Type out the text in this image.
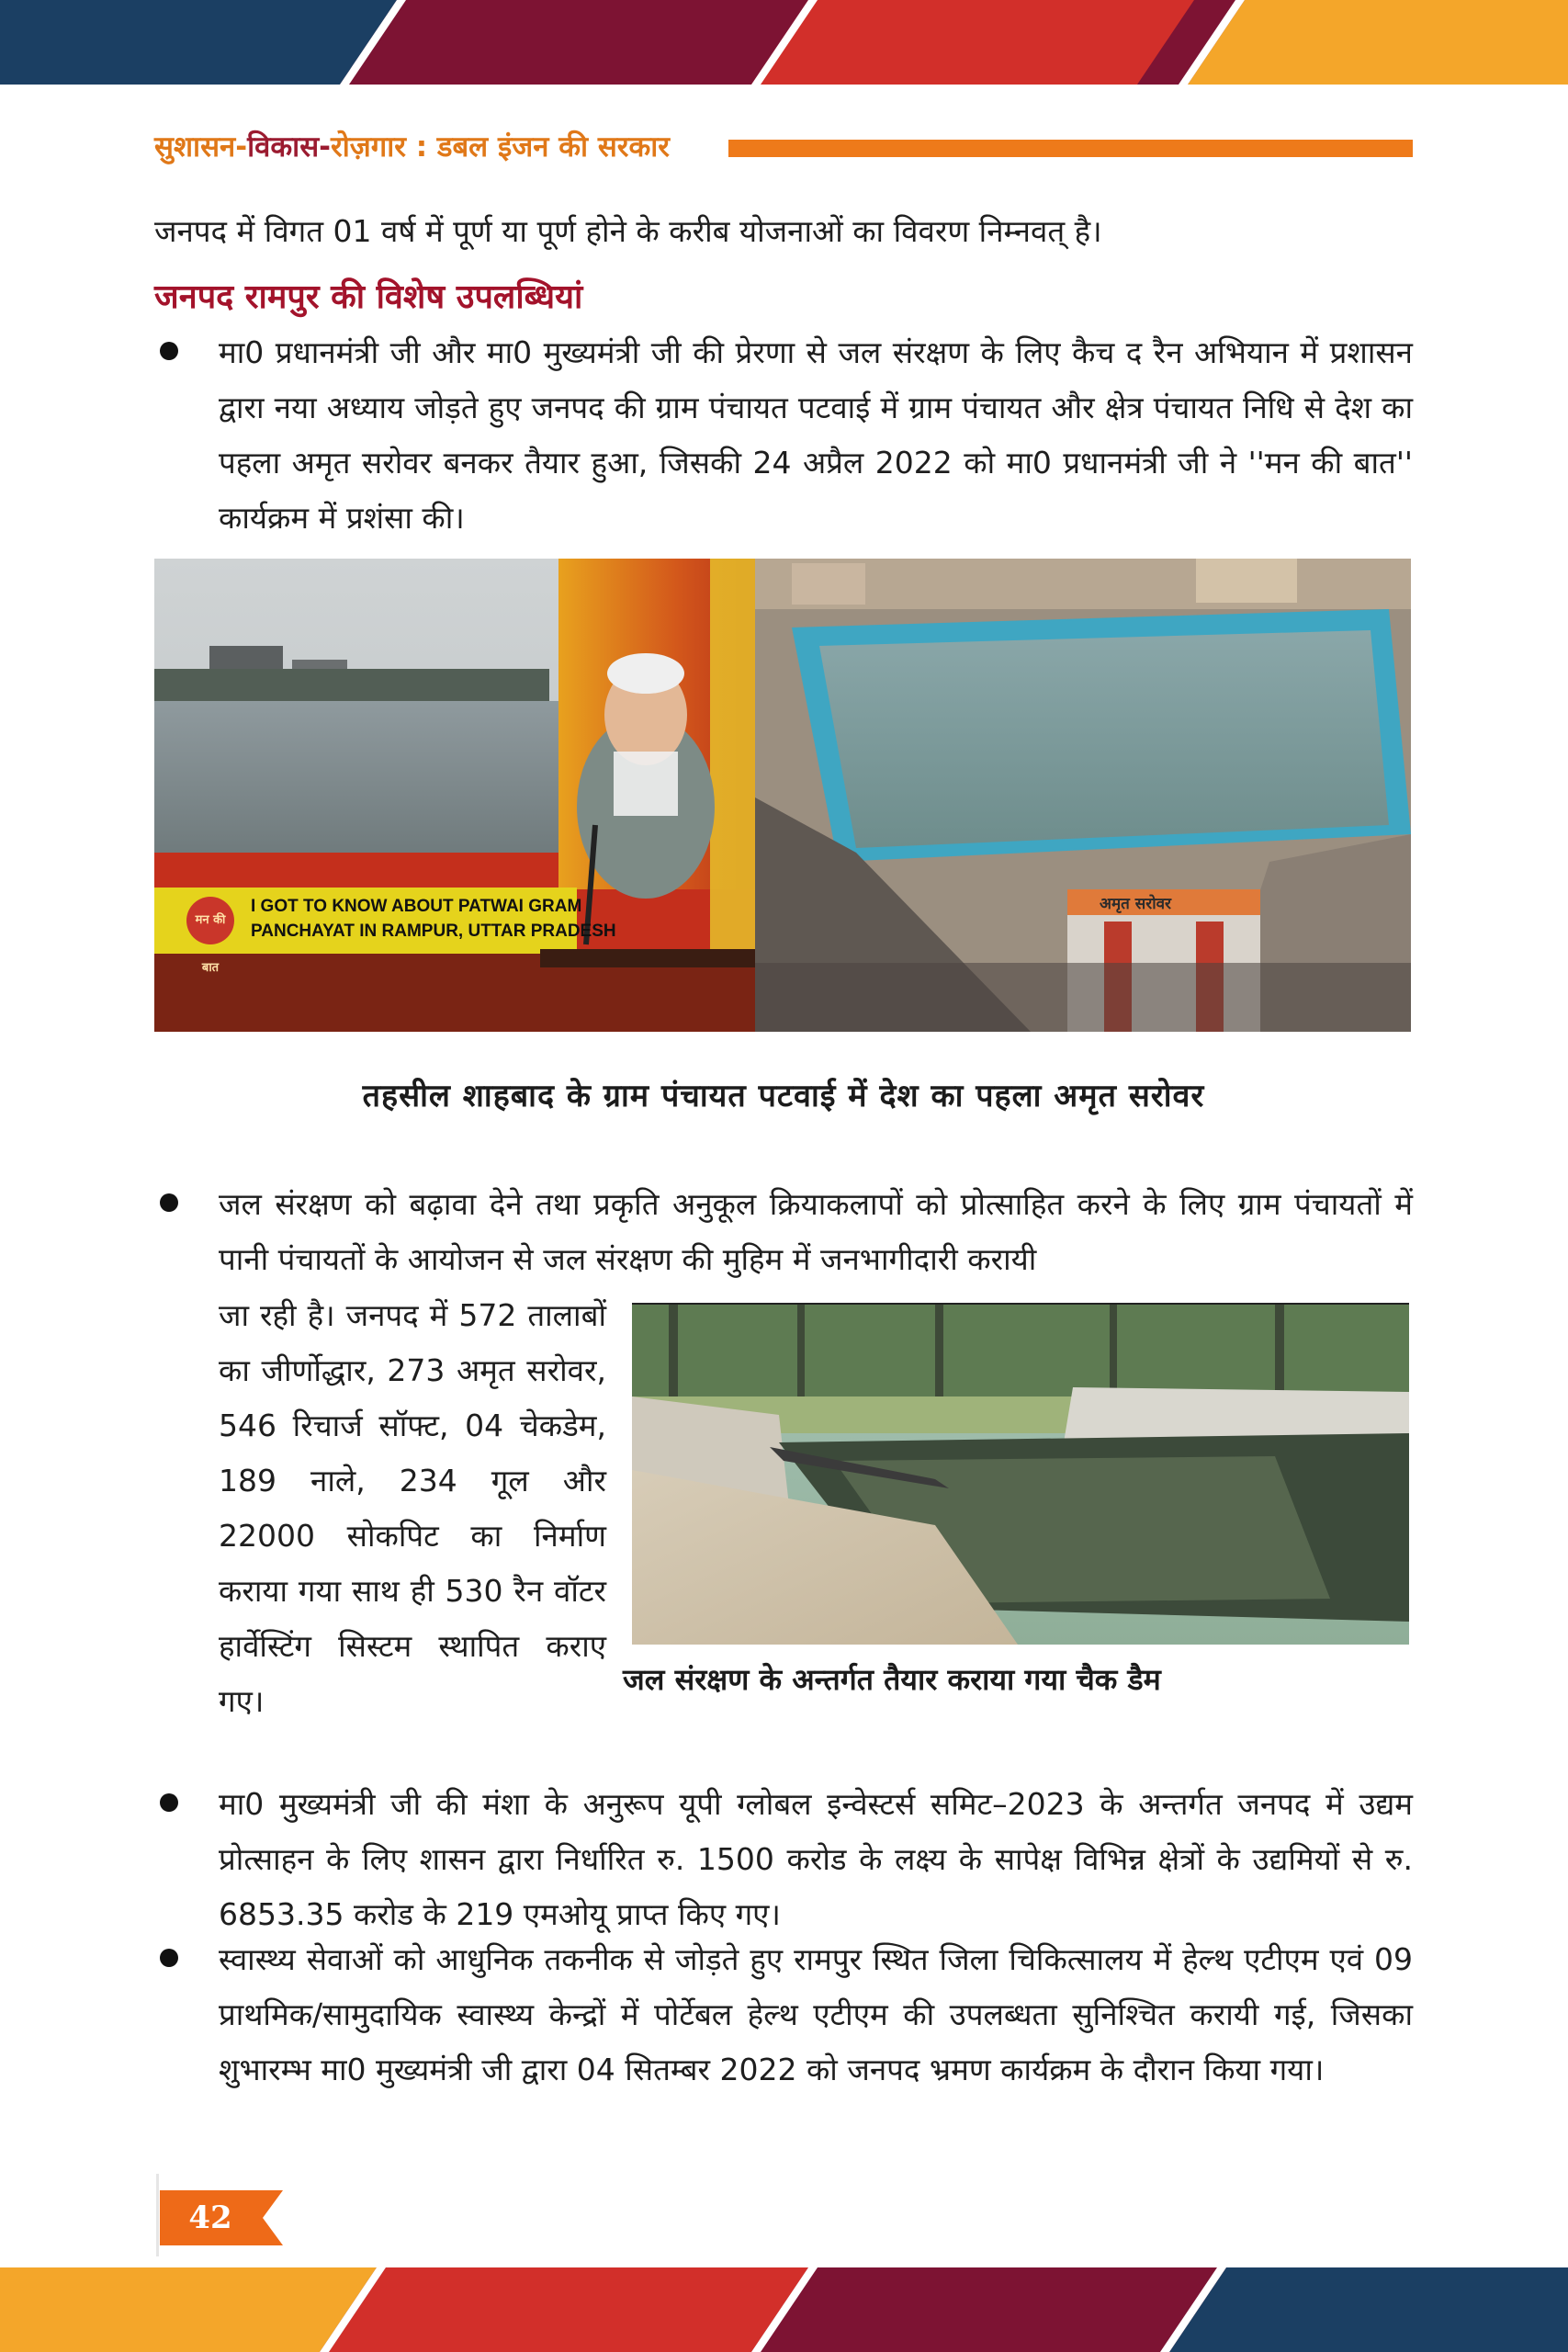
सुशासन-विकास-रोज़गार : डबल इंजन की सरकार
जनपद में विगत 01 वर्ष में पूर्ण या पूर्ण होने के करीब योजनाओं का विवरण निम्नवत् है।
जनपद रामपुर की विशेष उपलब्धियां
मा0 प्रधानमंत्री जी और मा0 मुख्यमंत्री जी की प्रेरणा से जल संरक्षण के लिए कैच द रैन अभियान में प्रशासन द्वारा नया अध्याय जोड़ते हुए जनपद की ग्राम पंचायत पटवाई में ग्राम पंचायत और क्षेत्र पंचायत निधि से देश का पहला अमृत सरोवर बनकर तैयार हुआ, जिसकी 24 अप्रैल 2022 को मा0 प्रधानमंत्री जी ने ''मन की बात'' कार्यक्रम में प्रशंसा की।
मन की बात
I GOT TO KNOW ABOUT PATWAI GRAM
PANCHAYAT IN RAMPUR, UTTAR PRADESH
अमृत सरोवर
तहसील शाहबाद के ग्राम पंचायत पटवाई में देश का पहला अमृत सरोवर
जल संरक्षण को बढ़ावा देने तथा प्रकृति अनुकूल क्रियाकलापों को प्रोत्साहित करने के लिए ग्राम पंचायतों में पानी पंचायतों के आयोजन से जल संरक्षण की मुहिम में जनभागीदारी करायी
जा रही है। जनपद में 572 तालाबों का जीर्णोद्धार, 273 अमृत सरोवर, 546 रिचार्ज सॉफ्ट, 04 चेकडेम, 189 नाले, 234 गूल और 22000 सोकपिट का निर्माण कराया गया साथ ही 530 रैन वॉटर हार्वेस्टिंग सिस्टम स्थापित कराए गए।
जल संरक्षण के अन्तर्गत तैयार कराया गया चैक डैम
मा0 मुख्यमंत्री जी की मंशा के अनुरूप यूपी ग्लोबल इन्वेस्टर्स समिट–2023 के अन्तर्गत जनपद में उद्यम प्रोत्साहन के लिए शासन द्वारा निर्धारित रु. 1500 करोड के लक्ष्य के सापेक्ष विभिन्न क्षेत्रों के उद्यमियों से रु. 6853.35 करोड के 219 एमओयू प्राप्त किए गए।
स्वास्थ्य सेवाओं को आधुनिक तकनीक से जोड़ते हुए रामपुर स्थित जिला चिकित्सालय में हेल्थ एटीएम एवं 09 प्राथमिक/सामुदायिक स्वास्थ्य केन्द्रों में पोर्टेबल हेल्थ एटीएम की उपलब्धता सुनिश्चित करायी गई, जिसका शुभारम्भ मा0 मुख्यमंत्री जी द्वारा 04 सितम्बर 2022 को जनपद भ्रमण कार्यक्रम के दौरान किया गया।
42
